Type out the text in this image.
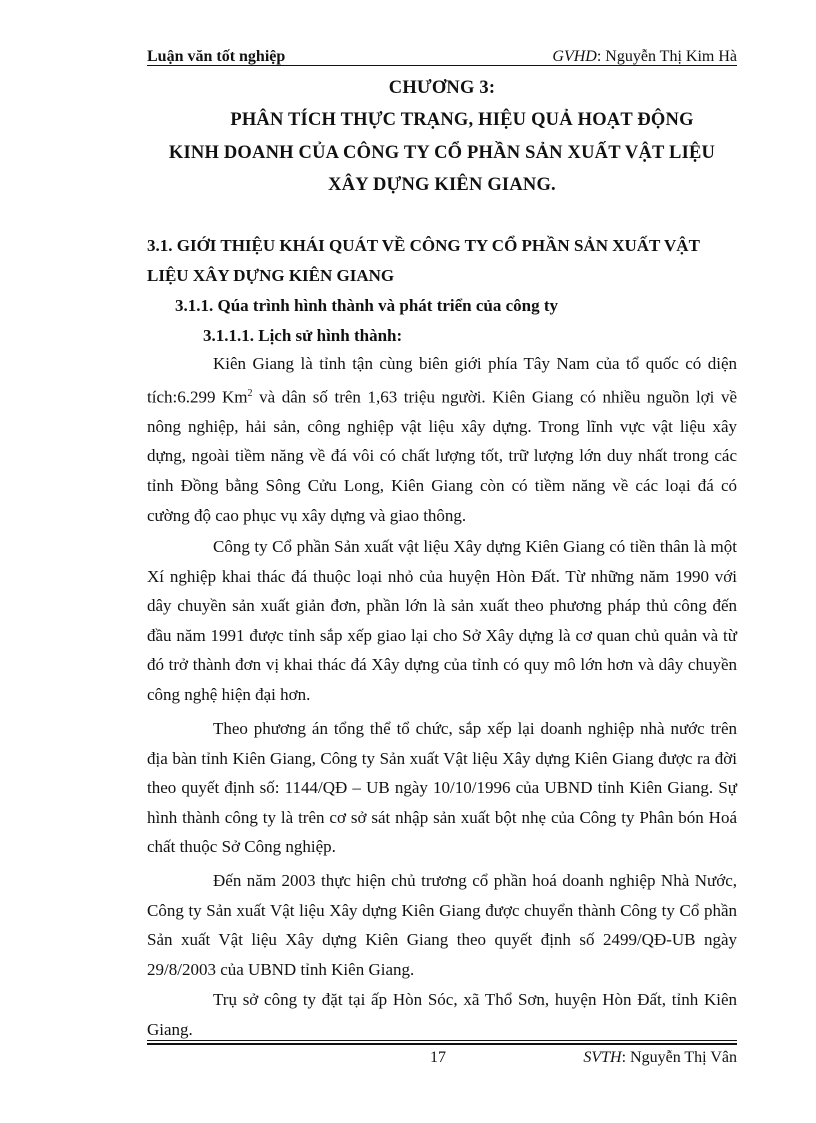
Luận văn tốt nghiệp	GVHD: Nguyễn Thị Kim Hà
CHƯƠNG 3:
PHÂN TÍCH THỰC TRẠNG, HIỆU QUẢ HOẠT ĐỘNG
KINH DOANH CỦA CÔNG TY CỔ PHẦN SẢN XUẤT VẬT LIỆU
XÂY DỰNG KIÊN GIANG.
3.1. GIỚI THIỆU KHÁI QUÁT VỀ CÔNG TY CỔ PHẦN SẢN XUẤT VẬT
LIỆU XÂY DỰNG KIÊN GIANG
3.1.1. Qúa trình hình thành và phát triển của công ty
3.1.1.1. Lịch sử hình thành:
Kiên Giang là tỉnh tận cùng biên giới phía Tây Nam của tổ quốc có diện tích:6.299 Km$^2$ và dân số trên 1,63 triệu người. Kiên Giang có nhiều nguồn lợi về nông nghiệp, hải sản, công nghiệp vật liệu xây dựng. Trong lĩnh vực vật liệu xây dựng, ngoài tiềm năng về đá vôi có chất lượng tốt, trữ lượng lớn duy nhất trong các tỉnh Đồng bằng Sông Cửu Long, Kiên Giang còn có tiềm năng về các loại đá có cường độ cao phục vụ xây dựng và giao thông.
Công ty Cổ phần Sản xuất vật liệu Xây dựng Kiên Giang có tiền thân là một Xí nghiệp khai thác đá thuộc loại nhỏ của huyện Hòn Đất. Từ những năm 1990 với dây chuyền sản xuất giản đơn, phần lớn là sản xuất theo phương pháp thủ công đến đầu năm 1991 được tỉnh sắp xếp giao lại cho Sở Xây dựng là cơ quan chủ quản và từ đó trở thành đơn vị khai thác đá Xây dựng của tỉnh có quy mô lớn hơn và dây chuyền công nghệ hiện đại hơn.
Theo phương án tổng thể tổ chức, sắp xếp lại doanh nghiệp nhà nước trên địa bàn tỉnh Kiên Giang, Công ty Sản xuất Vật liệu Xây dựng Kiên Giang được ra đời theo quyết định số: 1144/QĐ – UB ngày 10/10/1996 của UBND tỉnh Kiên Giang. Sự hình thành công ty là trên cơ sở sát nhập sản xuất bột nhẹ của Công ty Phân bón Hoá chất thuộc Sở Công nghiệp.
Đến năm 2003 thực hiện chủ trương cổ phần hoá doanh nghiệp Nhà Nước, Công ty Sản xuất Vật liệu Xây dựng Kiên Giang được chuyển thành Công ty Cổ phần Sản xuất Vật liệu Xây dựng Kiên Giang theo quyết định số 2499/QĐ-UB ngày 29/8/2003 của UBND tỉnh Kiên Giang.
Trụ sở công ty đặt tại ấp Hòn Sóc, xã Thổ Sơn, huyện Hòn Đất, tỉnh Kiên Giang.
17	SVTH: Nguyễn Thị Vân
